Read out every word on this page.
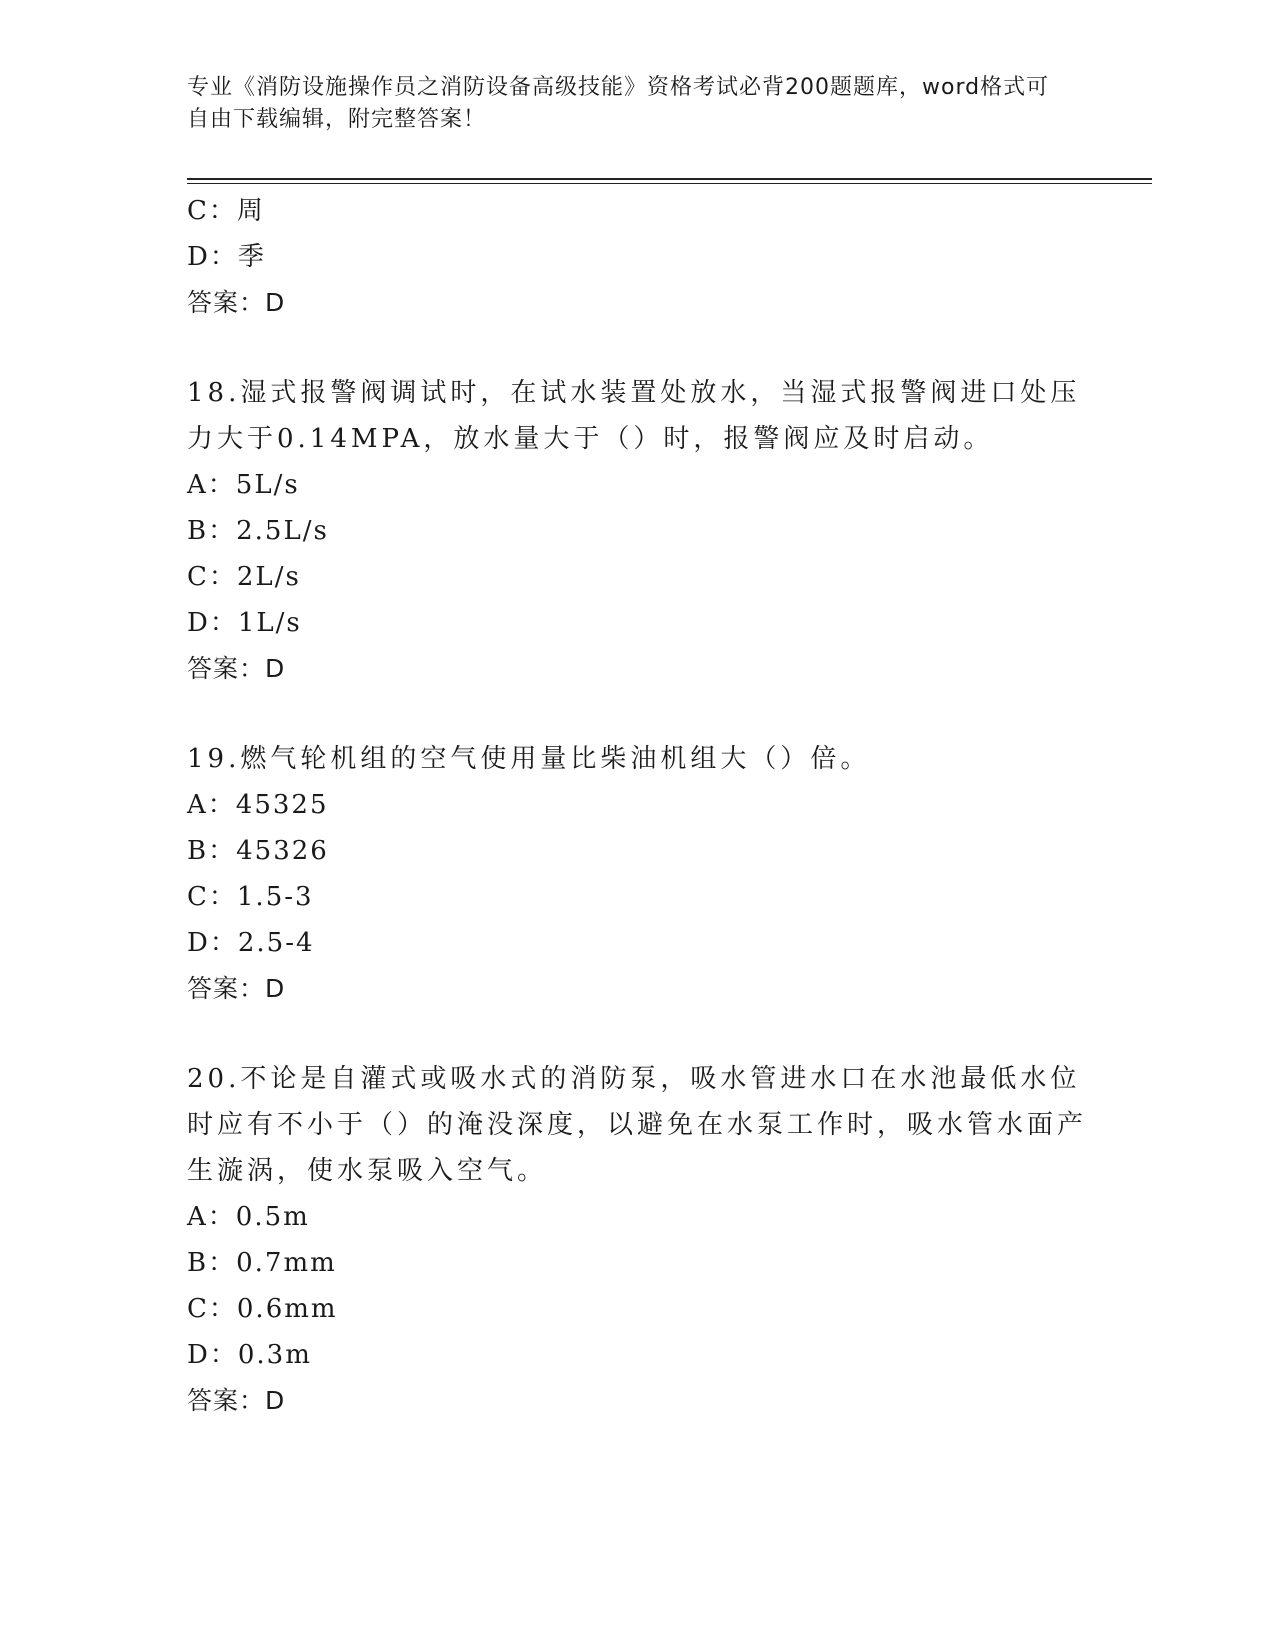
专业《消防设施操作员之消防设备高级技能》资格考试必背200题题库，word格式可自由下载编辑，附完整答案！
C：周
D：季
答案：D
18.湿式报警阀调试时，在试水装置处放水，当湿式报警阀进口处压力大于0.14MPA，放水量大于（）时，报警阀应及时启动。
A：5L/s
B：2.5L/s
C：2L/s
D：1L/s
答案：D
19.燃气轮机组的空气使用量比柴油机组大（）倍。
A：45325
B：45326
C：1.5-3
D：2.5-4
答案：D
20.不论是自灌式或吸水式的消防泵，吸水管进水口在水池最低水位时应有不小于（）的淹没深度，以避免在水泵工作时，吸水管水面产生漩涡，使水泵吸入空气。
A：0.5m
B：0.7mm
C：0.6mm
D：0.3m
答案：D
